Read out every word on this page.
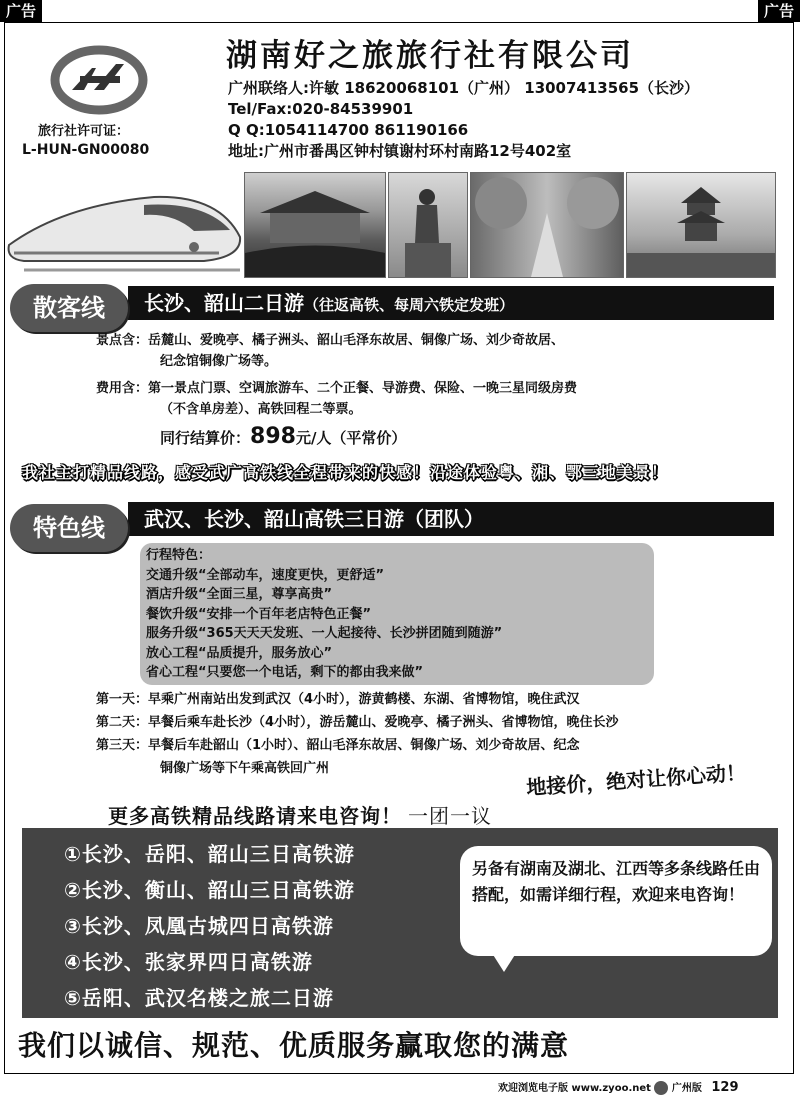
广告	广告
旅行社许可证：
L-HUN-GN00080
湖南好之旅旅行社有限公司
广州联络人:许敏 18620068101（广州） 13007413565（长沙）
Tel/Fax:020-84539901
Q Q:1054114700 861190166
地址:广州市番禺区钟村镇谢村环村南路12号402室
长沙、韶山二日游（往返高铁、每周六铁定发班）
散客线
景点含：岳麓山、爱晚亭、橘子洲头、韶山毛泽东故居、铜像广场、刘少奇故居、
纪念馆铜像广场等。
费用含：第一景点门票、空调旅游车、二个正餐、导游费、保险、一晚三星同级房费
（不含单房差）、高铁回程二等票。
同行结算价：898元/人（平常价）
我社主打精品线路，感受武广高铁线全程带来的快感！沿途体验粤、湘、鄂三地美景！
武汉、长沙、韶山高铁三日游（团队）
特色线
行程特色：
交通升级“全部动车，速度更快，更舒适”
酒店升级“全面三星，尊享高贵”
餐饮升级“安排一个百年老店特色正餐”
服务升级“365天天天发班、一人起接待、长沙拼团随到随游”
放心工程“品质提升，服务放心”
省心工程“只要您一个电话，剩下的都由我来做”
第一天：早乘广州南站出发到武汉（4小时），游黄鹤楼、东湖、省博物馆，晚住武汉
第二天：早餐后乘车赴长沙（4小时），游岳麓山、爱晚亭、橘子洲头、省博物馆，晚住长沙
第三天：早餐后车赴韶山（1小时）、韶山毛泽东故居、铜像广场、刘少奇故居、纪念
铜像广场等下午乘高铁回广州	地接价，绝对让你心动！
更多高铁精品线路请来电咨询！ 一团一议
①长沙、岳阳、韶山三日高铁游
②长沙、衡山、韶山三日高铁游
③长沙、凤凰古城四日高铁游
④长沙、张家界四日高铁游
⑤岳阳、武汉名楼之旅二日游
另备有湖南及湖北、江西等多条线路任由搭配，如需详细行程，欢迎来电咨询！
我们以诚信、规范、优质服务赢取您的满意
欢迎浏览电子版 www.zyoo.net 广州版 129
